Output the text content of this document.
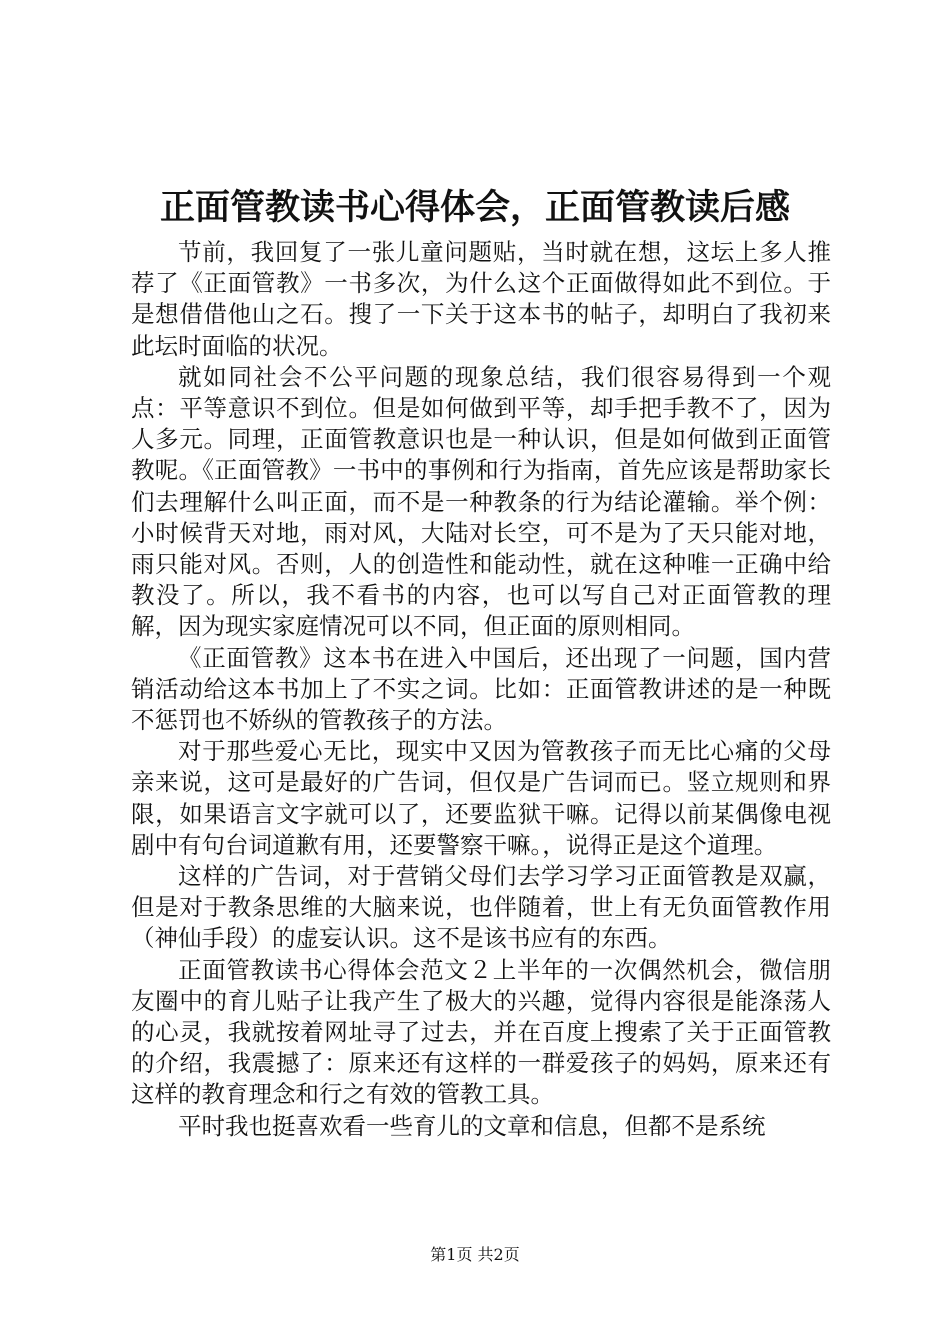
正面管教读书心得体会，正面管教读后感

节前，我回复了一张儿童问题贴，当时就在想，这坛上多人推荐了《正面管教》一书多次，为什么这个正面做得如此不到位。于是想借借他山之石。搜了一下关于这本书的帖子，却明白了我初来此坛时面临的状况。

就如同社会不公平问题的现象总结，我们很容易得到一个观点：平等意识不到位。但是如何做到平等，却手把手教不了，因为人多元。同理，正面管教意识也是一种认识，但是如何做到正面管教呢。《正面管教》一书中的事例和行为指南，首先应该是帮助家长们去理解什么叫正面，而不是一种教条的行为结论灌输。举个例：小时候背天对地，雨对风，大陆对长空，可不是为了天只能对地，雨只能对风。否则，人的创造性和能动性，就在这种唯一正确中给教没了。所以，我不看书的内容，也可以写自己对正面管教的理解，因为现实家庭情况可以不同，但正面的原则相同。

《正面管教》这本书在进入中国后，还出现了一问题，国内营销活动给这本书加上了不实之词。比如：正面管教讲述的是一种既不惩罚也不娇纵的管教孩子的方法。

对于那些爱心无比，现实中又因为管教孩子而无比心痛的父母亲来说，这可是最好的广告词，但仅是广告词而已。竖立规则和界限，如果语言文字就可以了，还要监狱干嘛。记得以前某偶像电视剧中有句台词道歉有用，还要警察干嘛。，说得正是这个道理。

这样的广告词，对于营销父母们去学习学习正面管教是双赢，但是对于教条思维的大脑来说，也伴随着，世上有无负面管教作用（神仙手段）的虚妄认识。这不是该书应有的东西。

正面管教读书心得体会范文２上半年的一次偶然机会，微信朋友圈中的育儿贴子让我产生了极大的兴趣，觉得内容很是能涤荡人的心灵，我就按着网址寻了过去，并在百度上搜索了关于正面管教的介绍，我震撼了：原来还有这样的一群爱孩子的妈妈，原来还有这样的教育理念和行之有效的管教工具。

平时我也挺喜欢看一些育儿的文章和信息，但都不是系统

第1页 共2页
